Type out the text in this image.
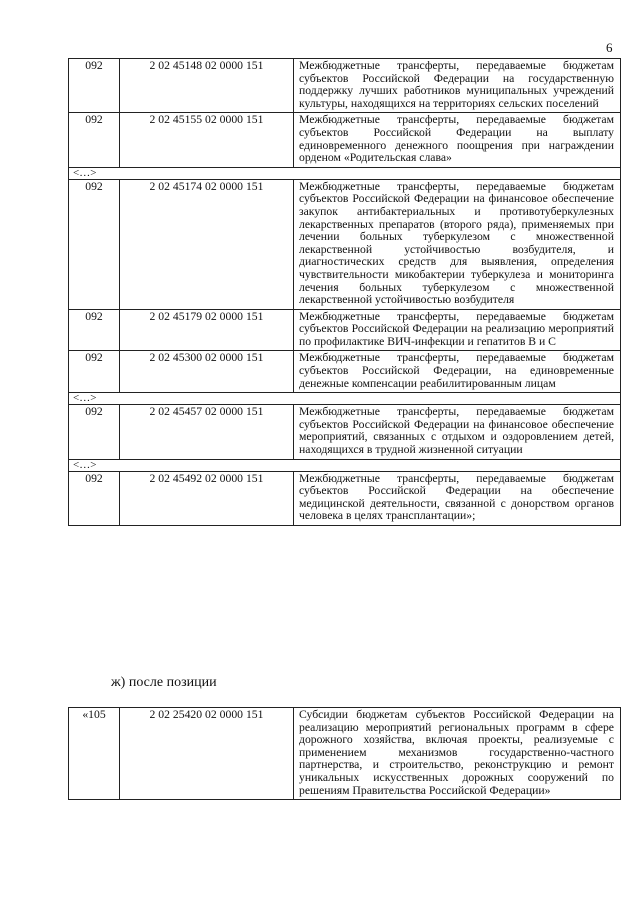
6
092	2 02 45148 02 0000 151	Межбюджетные трансферты, передаваемые бюджетам субъектов Российской Федерации на государственную поддержку лучших работников муниципальных учреждений культуры, находящихся на территориях сельских поселений
092	2 02 45155 02 0000 151	Межбюджетные трансферты, передаваемые бюджетам субъектов Российской Федерации на выплату единовременного денежного поощрения при награждении орденом «Родительская слава»
<…>		
092	2 02 45174 02 0000 151	Межбюджетные трансферты, передаваемые бюджетам субъектов Российской Федерации на финансовое обеспечение закупок антибактериальных и противотуберкулезных лекарственных препаратов (второго ряда), применяемых при лечении больных туберкулезом с множественной лекарственной устойчивостью возбудителя, и диагностических средств для выявления, определения чувствительности микобактерии туберкулеза и мониторинга лечения больных туберкулезом с множественной лекарственной устойчивостью возбудителя
092	2 02 45179 02 0000 151	Межбюджетные трансферты, передаваемые бюджетам субъектов Российской Федерации на реализацию мероприятий по профилактике ВИЧ-инфекции и гепатитов B и C
092	2 02 45300 02 0000 151	Межбюджетные трансферты, передаваемые бюджетам субъектов Российской Федерации, на единовременные денежные компенсации реабилитированным лицам
<…>		
092	2 02 45457 02 0000 151	Межбюджетные трансферты, передаваемые бюджетам субъектов Российской Федерации на финансовое обеспечение мероприятий, связанных с отдыхом и оздоровлением детей, находящихся в трудной жизненной ситуации
<…>		
092	2 02 45492 02 0000 151	Межбюджетные трансферты, передаваемые бюджетам субъектов Российской Федерации на обеспечение медицинской деятельности, связанной с донорством органов человека в целях трансплантации»;
ж) после позиции
«105	2 02 25420 02 0000 151	Субсидии бюджетам субъектов Российской Федерации на реализацию мероприятий региональных программ в сфере дорожного хозяйства, включая проекты, реализуемые с применением механизмов государственно-частного партнерства, и строительство, реконструкцию и ремонт уникальных искусственных дорожных сооружений по решениям Правительства Российской Федерации»
